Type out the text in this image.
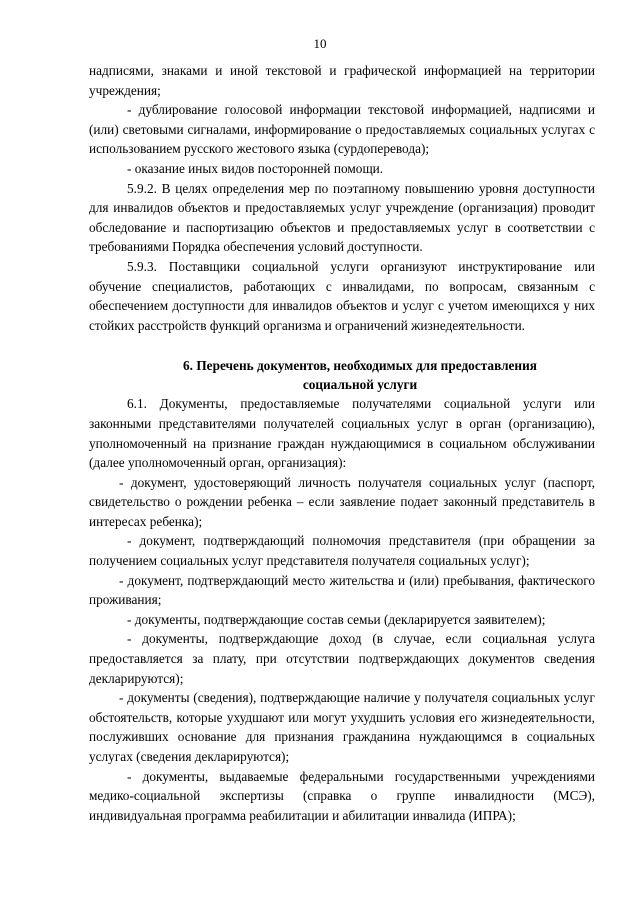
10

надписями, знаками и иной текстовой и графической информацией на территории учреждения;

- дублирование голосовой информации текстовой информацией, надписями и (или) световыми сигналами, информирование о предоставляемых социальных услугах с использованием русского жестового языка (сурдоперевода);

- оказание иных видов посторонней помощи.

5.9.2. В целях определения мер по поэтапному повышению уровня доступности для инвалидов объектов и предоставляемых услуг учреждение (организация) проводит обследование и паспортизацию объектов и предоставляемых услуг в соответствии с требованиями Порядка обеспечения условий доступности.

5.9.3. Поставщики социальной услуги организуют инструктирование или обучение специалистов, работающих с инвалидами, по вопросам, связанным с обеспечением доступности для инвалидов объектов и услуг с учетом имеющихся у них стойких расстройств функций организма и ограничений жизнедеятельности.

6. Перечень документов, необходимых для предоставления
социальной услуги

6.1. Документы, предоставляемые получателями социальной услуги или законными представителями получателей социальных услуг в орган (организацию), уполномоченный на признание граждан нуждающимися в социальном обслуживании (далее уполномоченный орган, организация):

- документ, удостоверяющий личность получателя социальных услуг (паспорт, свидетельство о рождении ребенка – если заявление подает законный представитель в интересах ребенка);

- документ, подтверждающий полномочия представителя (при обращении за получением социальных услуг представителя получателя социальных услуг);

- документ, подтверждающий место жительства и (или) пребывания, фактического проживания;

- документы, подтверждающие состав семьи (декларируется заявителем);

- документы, подтверждающие доход (в случае, если социальная услуга предоставляется за плату, при отсутствии подтверждающих документов сведения декларируются);

- документы (сведения), подтверждающие наличие у получателя социальных услуг обстоятельств, которые ухудшают или могут ухудшить условия его жизнедеятельности, послуживших основание для признания гражданина нуждающимся в социальных услугах (сведения декларируются);

- документы, выдаваемые федеральными государственными учреждениями медико-социальной экспертизы (справка о группе инвалидности (МСЭ), индивидуальная программа реабилитации и абилитации инвалида (ИПРА);
